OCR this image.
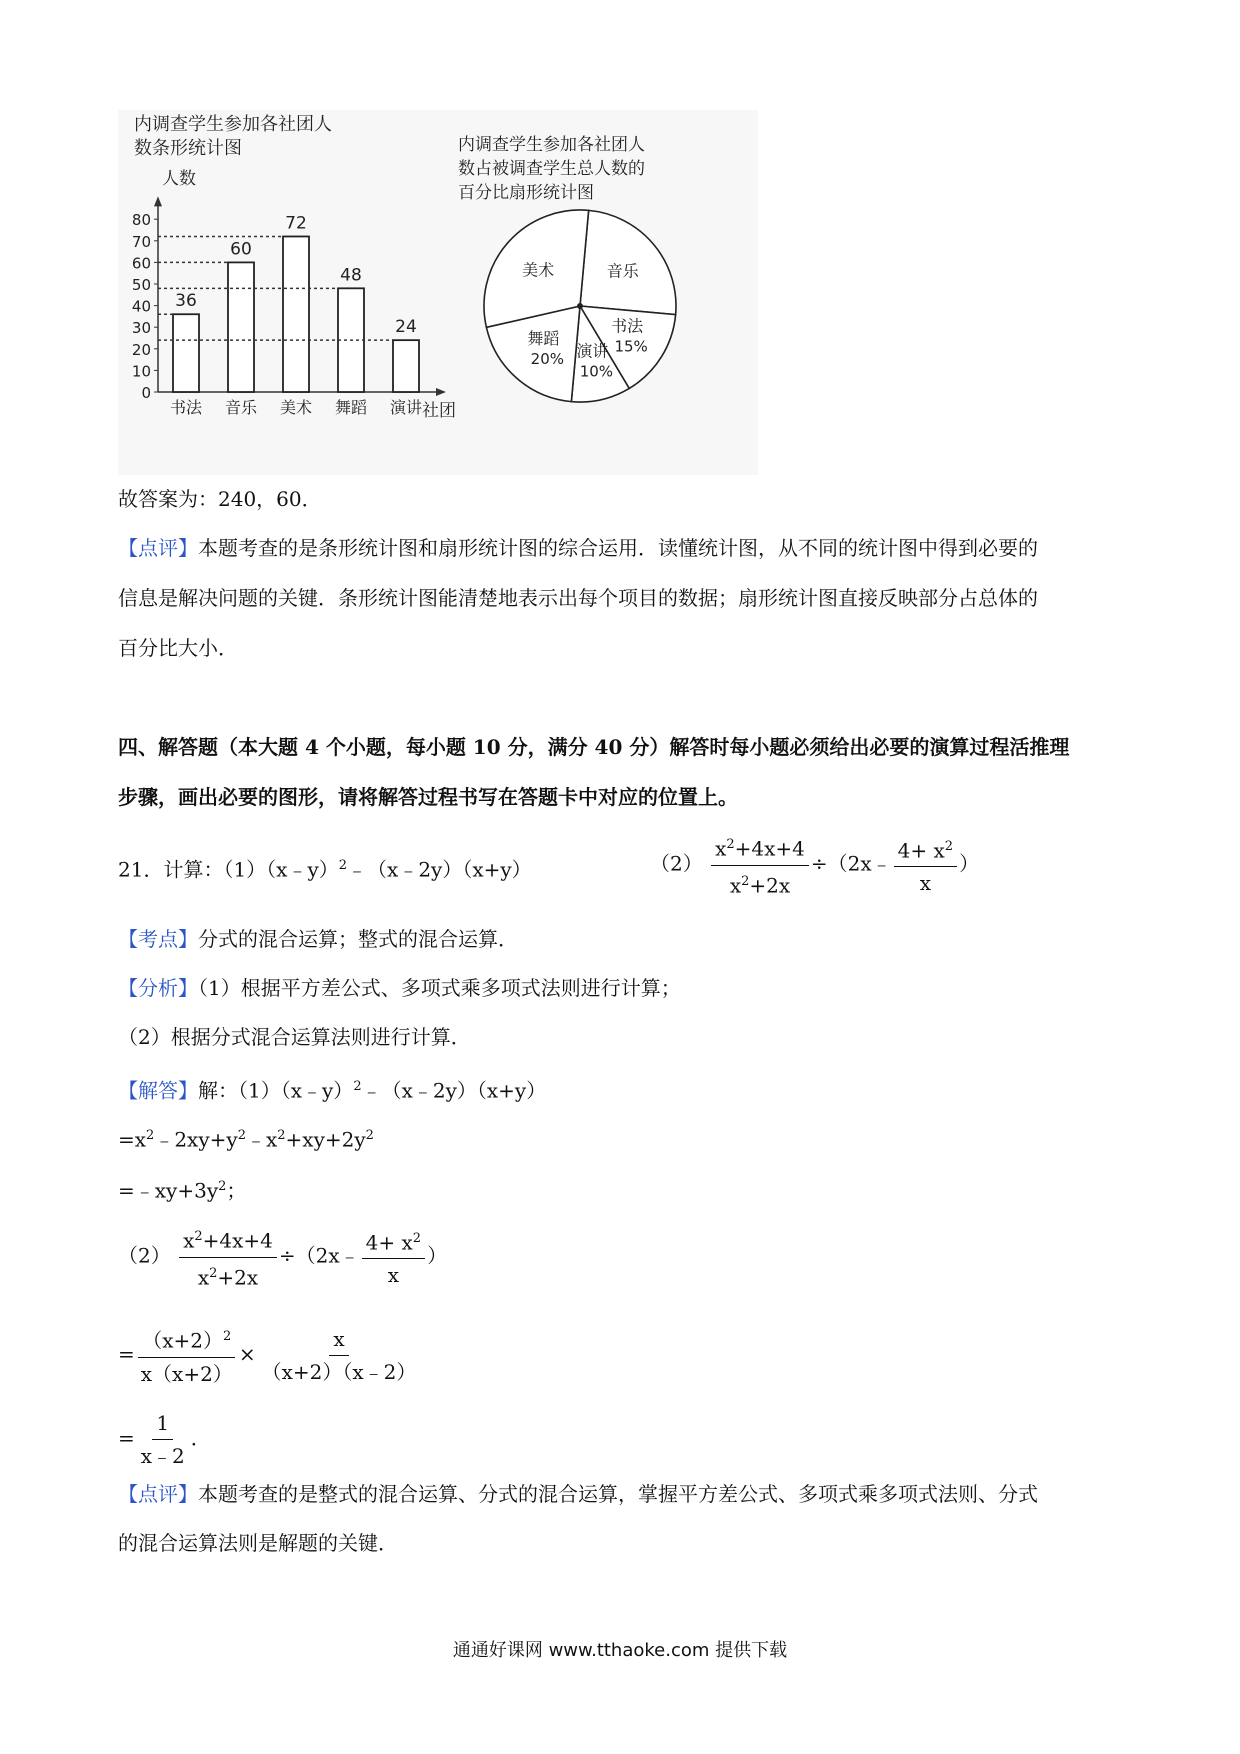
内调查学生参加各社团人
数条形统计图
人数
社团
0
10
20
30
40
50
60
70
80
36
书法
60
音乐
72
美术
48
舞蹈
24
演讲
内调查学生参加各社团人
数占被调查学生总人数的
百分比扇形统计图
音乐
书法
15%
演讲
10%
舞蹈
20%
美术
故答案为：240，60．
【点评】本题考查的是条形统计图和扇形统计图的综合运用．读懂统计图，从不同的统计图中得到必要的
信息是解决问题的关键．条形统计图能清楚地表示出每个项目的数据；扇形统计图直接反映部分占总体的
百分比大小．
四、解答题（本大题 4 个小题，每小题 10 分，满分 40 分）解答时每小题必须给出必要的演算过程活推理
步骤，画出必要的图形，请将解答过程书写在答题卡中对应的位置上。
21．计算：（1）（x﹣y）$^2$﹣（x﹣2y）（x+y）	$(2) \frac{x^2+4x+4}{x^2+2x}$ ÷（2x﹣ $\frac{4+ x^2}{x}$ ）
【考点】分式的混合运算；整式的混合运算．
【分析】（1）根据平方差公式、多项式乘多项式法则进行计算；
（2）根据分式混合运算法则进行计算．
【解答】解：（1）（x﹣y）$^2$﹣（x﹣2y）（x+y）
$=x^2﹣2xy+y^2﹣x^2+xy+2y^2$
$=﹣xy+3y^2$；
$(2) \frac{x^2+4x+4}{x^2+2x}$ ÷（2x﹣ $\frac{4+ x^2}{x}$ ）
= $\frac{(x+2)^2}{x(x+2)} \times \frac{x}{(x+2)(x﹣2)}$
= $\frac{1}{x﹣2}$ ．
【点评】本题考查的是整式的混合运算、分式的混合运算，掌握平方差公式、多项式乘多项式法则、分式
的混合运算法则是解题的关键．
通通好课网 www.tthaoke.com 提供下载
